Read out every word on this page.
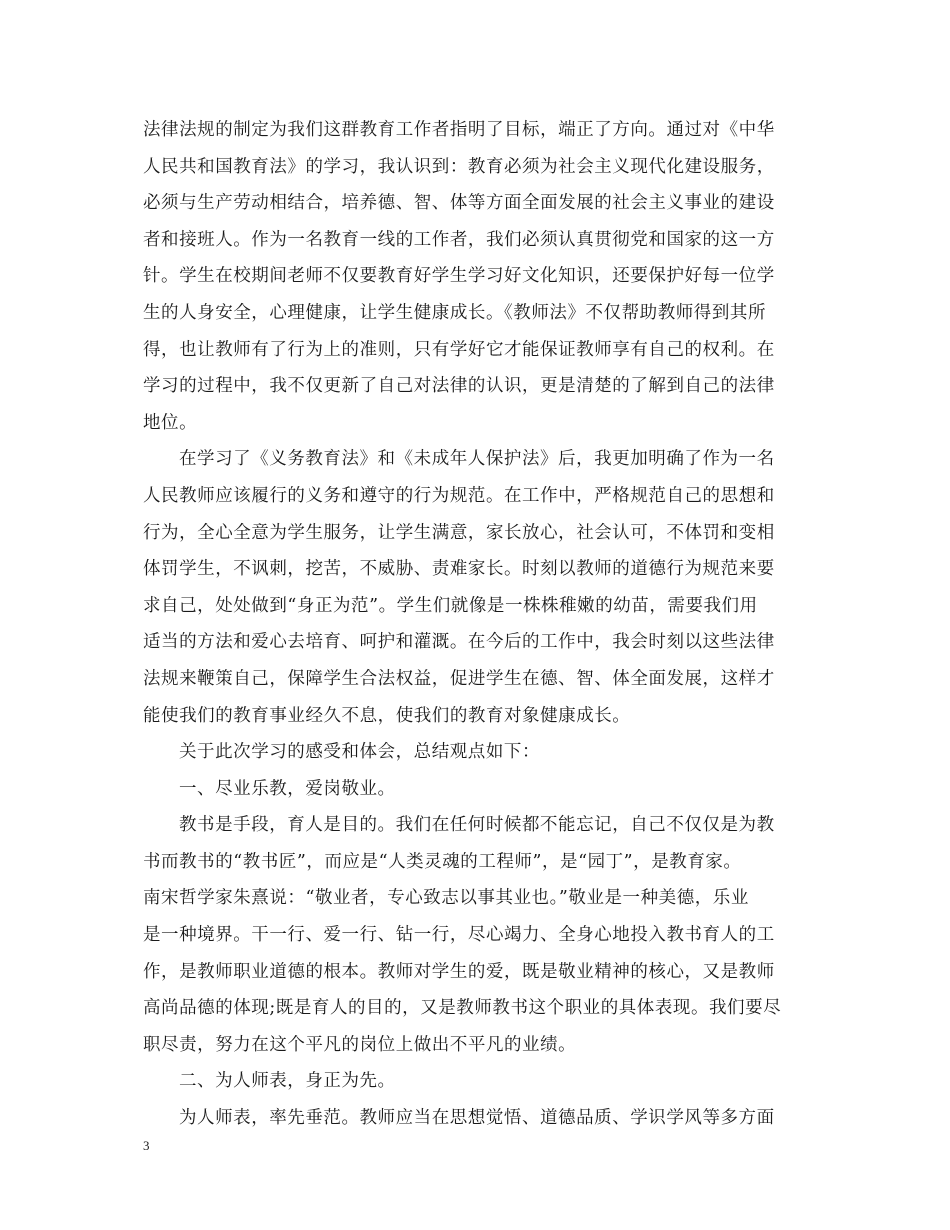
法律法规的制定为我们这群教育工作者指明了目标，端正了方向。通过对《中华
人民共和国教育法》的学习，我认识到：教育必须为社会主义现代化建设服务，
必须与生产劳动相结合，培养德、智、体等方面全面发展的社会主义事业的建设
者和接班人。作为一名教育一线的工作者，我们必须认真贯彻党和国家的这一方
针。学生在校期间老师不仅要教育好学生学习好文化知识，还要保护好每一位学
生的人身安全，心理健康，让学生健康成长。《教师法》不仅帮助教师得到其所
得，也让教师有了行为上的准则，只有学好它才能保证教师享有自己的权利。在
学习的过程中，我不仅更新了自己对法律的认识，更是清楚的了解到自己的法律
地位。
在学习了《义务教育法》和《未成年人保护法》后，我更加明确了作为一名
人民教师应该履行的义务和遵守的行为规范。在工作中，严格规范自己的思想和
行为，全心全意为学生服务，让学生满意，家长放心，社会认可，不体罚和变相
体罚学生，不讽刺，挖苦，不威胁、责难家长。时刻以教师的道德行为规范来要
求自己，处处做到“身正为范”。学生们就像是一株株稚嫩的幼苗，需要我们用
适当的方法和爱心去培育、呵护和灌溉。在今后的工作中，我会时刻以这些法律
法规来鞭策自己，保障学生合法权益，促进学生在德、智、体全面发展，这样才
能使我们的教育事业经久不息，使我们的教育对象健康成长。
关于此次学习的感受和体会，总结观点如下：
一、尽业乐教，爱岗敬业。
教书是手段，育人是目的。我们在任何时候都不能忘记，自己不仅仅是为教
书而教书的“教书匠”，而应是“人类灵魂的工程师”，是“园丁”，是教育家。
南宋哲学家朱熹说：“敬业者，专心致志以事其业也。”敬业是一种美德，乐业
是一种境界。干一行、爱一行、钻一行，尽心竭力、全身心地投入教书育人的工
作，是教师职业道德的根本。教师对学生的爱，既是敬业精神的核心，又是教师
高尚品德的体现;既是育人的目的，又是教师教书这个职业的具体表现。我们要尽
职尽责，努力在这个平凡的岗位上做出不平凡的业绩。
二、为人师表，身正为先。
为人师表，率先垂范。教师应当在思想觉悟、道德品质、学识学风等多方面
3
